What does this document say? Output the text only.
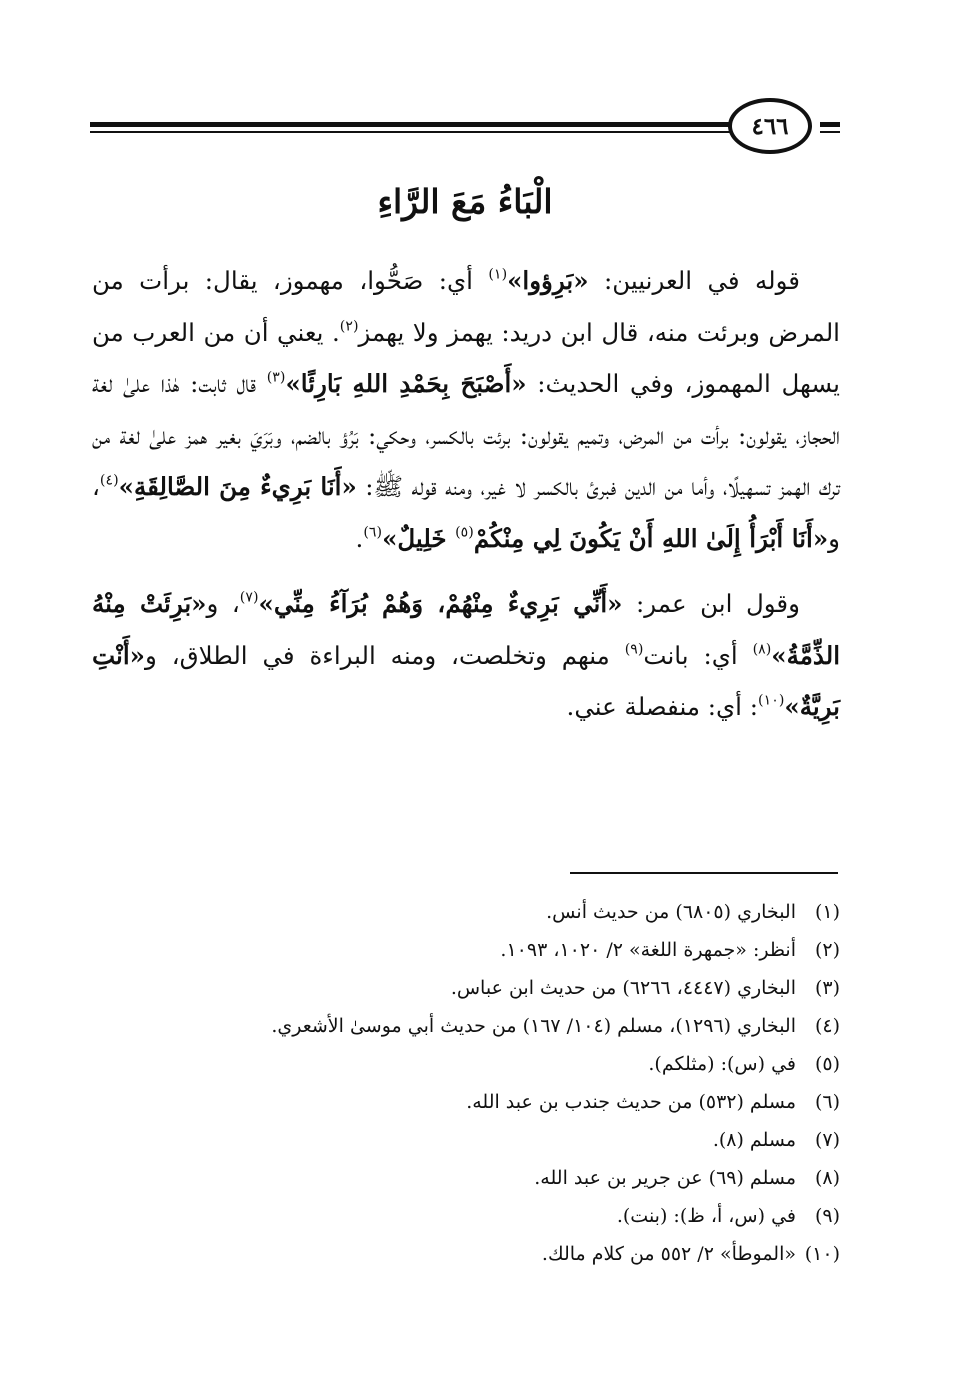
٤٦٦
الْبَاءُ مَعَ الرَّاءِ

قوله في العرنيين: «بَرِؤوا»$^{(١)}$ أي: صَحُّوا، مهموز، يقال: برأت من المرض وبرئت منه، قال ابن دريد: يهمز ولا يهمز$^{(٢)}$. يعني أن من العرب من يسهل المهموز، وفي الحديث: «أَصْبَحَ بِحَمْدِ اللهِ بَارِئًا»$^{(٣)}$ قال ثابت: هٰذا علىٰ لغة الحجاز، يقولون: برأت من المرض، وتميم يقولون: برئت بالكسر، وحكي: بَرُؤ بالضم، وبَرَيَ بغير همز علىٰ لغة من ترك الهمز تسهيلًا، وأما من الدين فبرئ بالكسر لا غير، ومنه قوله ﷺ: «أَنَا بَرِيءٌ مِنَ الصَّالِقَةِ»$^{(٤)}$، و«أَنَا أَبْرَأُ إِلَىٰ اللهِ أَنْ يَكُونَ لِي مِنْكُمْ$^{(٥)}$ خَلِيلٌ»$^{(٦)}$.

وقول ابن عمر: «أَنِّي بَرِيءٌ مِنْهُمْ، وَهُمْ بُرَآءُ مِنِّي»$^{(٧)}$، و«بَرِئَتْ مِنْهُ الذِّمَّةُ»$^{(٨)}$ أي: بانت$^{(٩)}$ منهم وتخلصت، ومنه البراءة في الطلاق، و«أَنْتِ بَرِيَّةٌ»$^{(١٠)}$: أي: منفصلة عني.

(١)
البخاري (٦٨٠٥) من حديث أنس.
(٢)
أنظر: «جمهرة اللغة» ٢/ ١٠٢٠، ١٠٩٣.
(٣)
البخاري (٤٤٤٧، ٦٢٦٦) من حديث ابن عباس.
(٤)
البخاري (١٢٩٦)، مسلم (١٠٤/ ١٦٧) من حديث أبي موسىٰ الأشعري.
(٥)
في (س): (مثلكم).
(٦)
مسلم (٥٣٢) من حديث جندب بن عبد الله.
(٧)
مسلم (٨).
(٨)
مسلم (٦٩) عن جرير بن عبد الله.
(٩)
في (س، أ، ظ): (بنت).
(١٠)
«الموطأ» ٢/ ٥٥٢ من كلام مالك.
